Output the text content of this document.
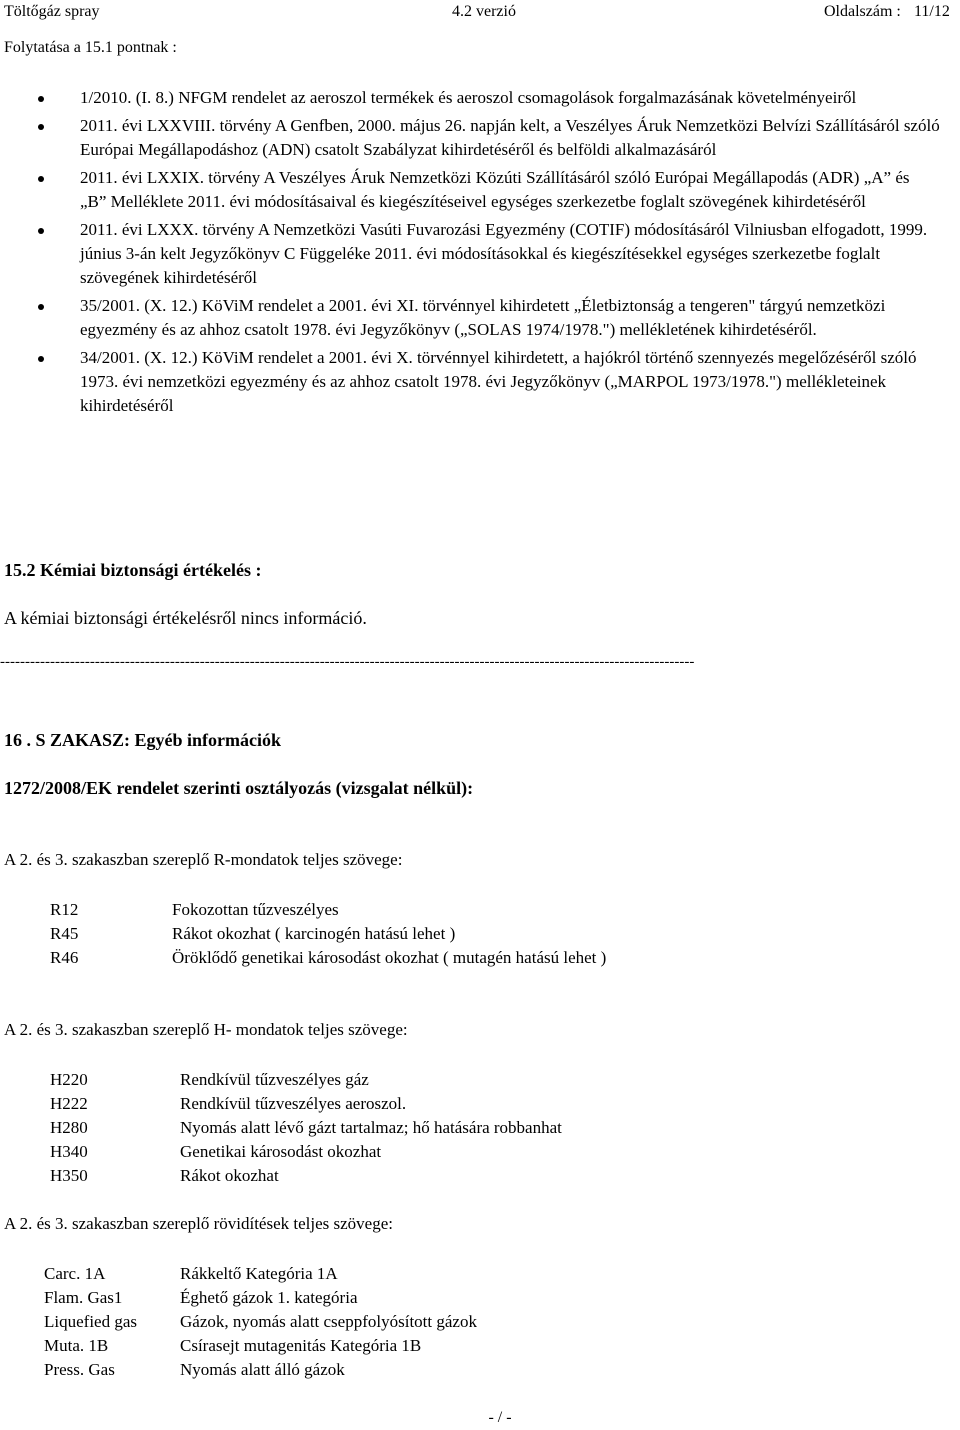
Töltőgáz spray	4.2 verzió	Oldalszám : 11/12
Folytatása a 15.1 pontnak :
1/2010. (I. 8.) NFGM rendelet az aeroszol termékek és aeroszol csomagolások forgalmazásának követelményeiről
2011. évi LXXVIII. törvény A Genfben, 2000. május 26. napján kelt, a Veszélyes Áruk Nemzetközi Belvízi Szállításáról szóló Európai Megállapodáshoz (ADN) csatolt Szabályzat kihirdetéséről és belföldi alkalmazásáról
2011. évi LXXIX. törvény A Veszélyes Áruk Nemzetközi Közúti Szállításáról szóló Európai Megállapodás (ADR) „A” és „B” Melléklete 2011. évi módosításaival és kiegészítéseivel egységes szerkezetbe foglalt szövegének kihirdetéséről
2011. évi LXXX. törvény A Nemzetközi Vasúti Fuvarozási Egyezmény (COTIF) módosításáról Vilniusban elfogadott, 1999. június 3-án kelt Jegyzőkönyv C Függeléke 2011. évi módosításokkal és kiegészítésekkel egységes szerkezetbe foglalt szövegének kihirdetéséről
35/2001. (X. 12.) KöViM rendelet a 2001. évi XI. törvénnyel kihirdetett „Életbiztonság a tengeren" tárgyú nemzetközi egyezmény és az ahhoz csatolt 1978. évi Jegyzőkönyv („SOLAS 1974/1978.") mellékletének kihirdetéséről.
34/2001. (X. 12.) KöViM rendelet a 2001. évi X. törvénnyel kihirdetett, a hajókról történő szennyezés megelőzéséről szóló 1973. évi nemzetközi egyezmény és az ahhoz csatolt 1978. évi Jegyzőkönyv („MARPOL 1973/1978.") mellékleteinek kihirdetéséről
15.2 Kémiai biztonsági értékelés :
A kémiai biztonsági értékelésről nincs információ.
-------------------------------------------------------------------------------------------------------------------------------------------
16 . S ZAKASZ: Egyéb információk
1272/2008/EK rendelet szerinti osztályozás (vizsgalat nélkül):
A 2. és 3. szakaszban szereplő R-mondatok teljes szövege:
R12	Fokozottan tűzveszélyes
R45	Rákot okozhat ( karcinogén hatású lehet )
R46	Öröklődő genetikai károsodást okozhat ( mutagén hatású lehet )
A 2. és 3. szakaszban szereplő H- mondatok teljes szövege:
H220	Rendkívül tűzveszélyes gáz
H222	Rendkívül tűzveszélyes aeroszol.
H280	Nyomás alatt lévő gázt tartalmaz; hő hatására robbanhat
H340	Genetikai károsodást okozhat
H350	Rákot okozhat
A 2. és 3. szakaszban szereplő rövidítések teljes szövege:
Carc. 1A	Rákkeltő Kategória 1A
Flam. Gas1	Éghető gázok 1. kategória
Liquefied gas	Gázok, nyomás alatt cseppfolyósított gázok
Muta. 1B	Csírasejt mutagenitás Kategória 1B
Press. Gas	Nyomás alatt álló gázok
- / -
